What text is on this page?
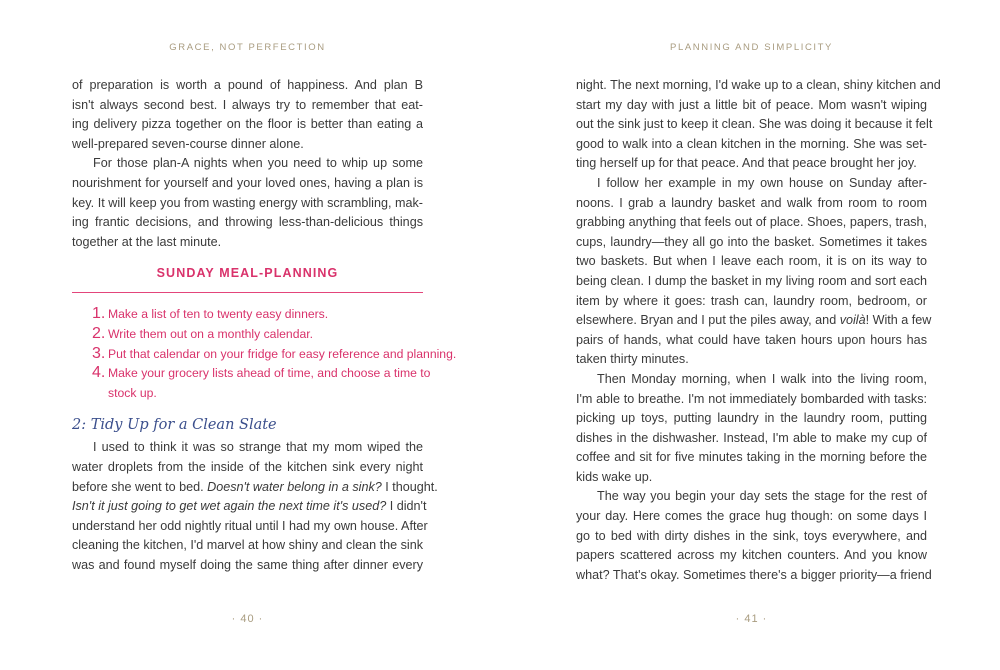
GRACE, NOT PERFECTION
of preparation is worth a pound of happiness. And plan B
isn't always second best. I always try to remember that eat-
ing delivery pizza together on the floor is better than eating a
well-prepared seven-course dinner alone.
For those plan-A nights when you need to whip up some
nourishment for yourself and your loved ones, having a plan is
key. It will keep you from wasting energy with scrambling, mak-
ing frantic decisions, and throwing less-than-delicious things
together at the last minute.
SUNDAY MEAL-PLANNING
1. Make a list of ten to twenty easy dinners.
2. Write them out on a monthly calendar.
3. Put that calendar on your fridge for easy reference and planning.
4. Make your grocery lists ahead of time, and choose a time to
stock up.
2: Tidy Up for a Clean Slate
I used to think it was so strange that my mom wiped the
water droplets from the inside of the kitchen sink every night
before she went to bed. Doesn't water belong in a sink? I thought.
Isn't it just going to get wet again the next time it's used? I didn't
understand her odd nightly ritual until I had my own house. After
cleaning the kitchen, I'd marvel at how shiny and clean the sink
was and found myself doing the same thing after dinner every
· 40 ·
PLANNING AND SIMPLICITY
night. The next morning, I'd wake up to a clean, shiny kitchen and
start my day with just a little bit of peace. Mom wasn't wiping
out the sink just to keep it clean. She was doing it because it felt
good to walk into a clean kitchen in the morning. She was set-
ting herself up for that peace. And that peace brought her joy.
I follow her example in my own house on Sunday after-
noons. I grab a laundry basket and walk from room to room
grabbing anything that feels out of place. Shoes, papers, trash,
cups, laundry—they all go into the basket. Sometimes it takes
two baskets. But when I leave each room, it is on its way to
being clean. I dump the basket in my living room and sort each
item by where it goes: trash can, laundry room, bedroom, or
elsewhere. Bryan and I put the piles away, and voilà! With a few
pairs of hands, what could have taken hours upon hours has
taken thirty minutes.
Then Monday morning, when I walk into the living room,
I'm able to breathe. I'm not immediately bombarded with tasks:
picking up toys, putting laundry in the laundry room, putting
dishes in the dishwasher. Instead, I'm able to make my cup of
coffee and sit for five minutes taking in the morning before the
kids wake up.
The way you begin your day sets the stage for the rest of
your day. Here comes the grace hug though: on some days I
go to bed with dirty dishes in the sink, toys everywhere, and
papers scattered across my kitchen counters. And you know
what? That's okay. Sometimes there's a bigger priority—a friend
· 41 ·
